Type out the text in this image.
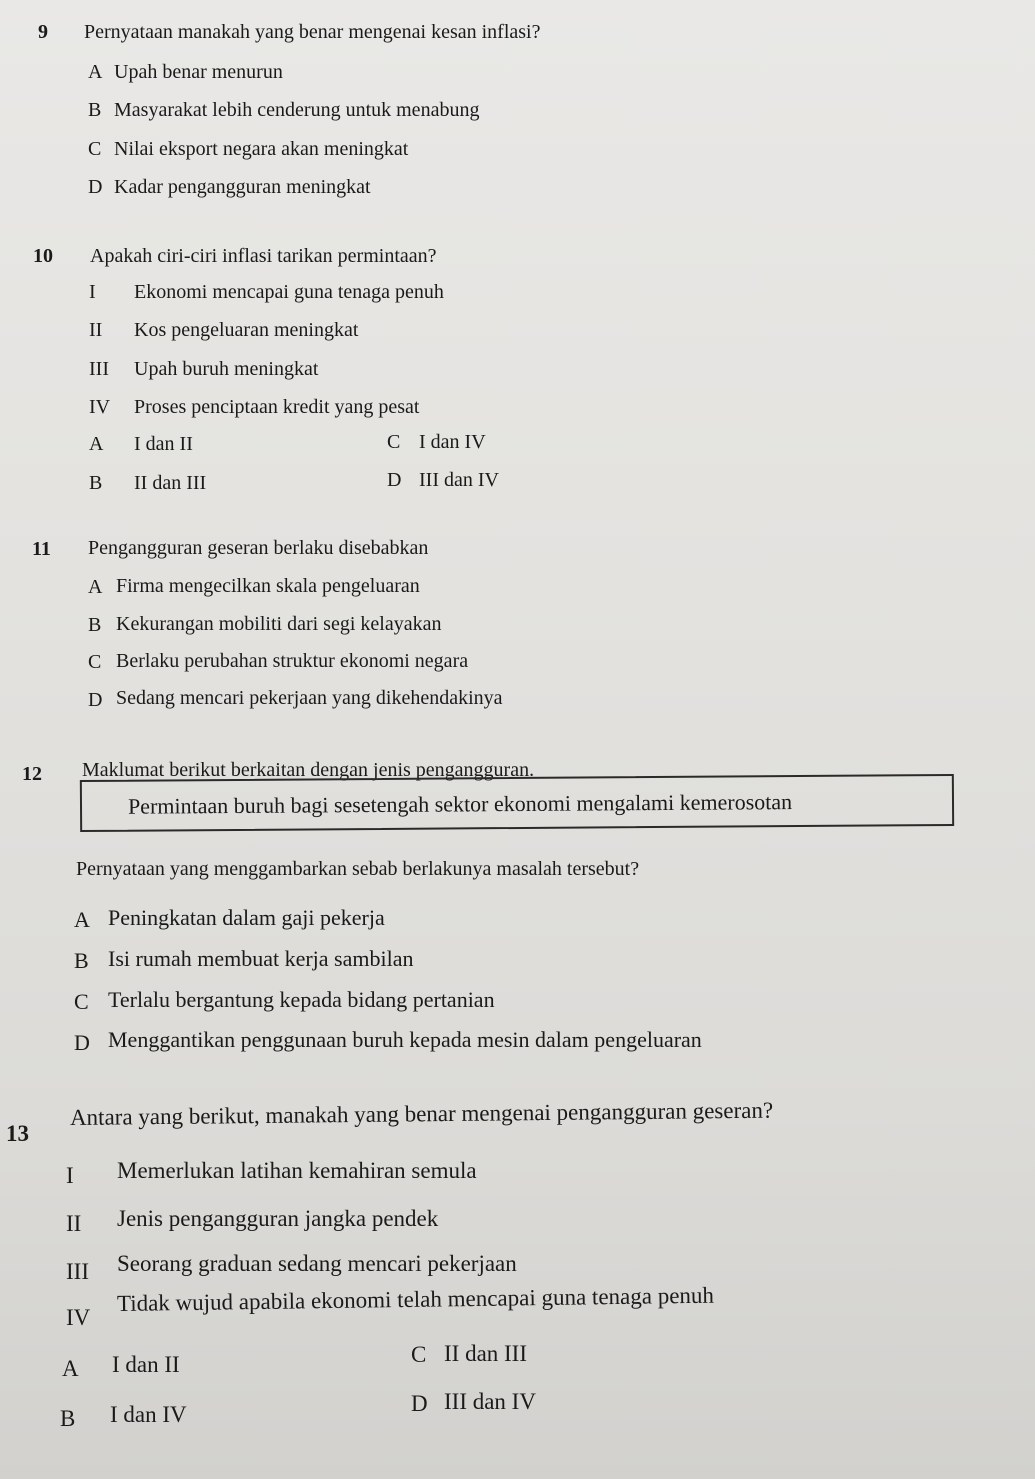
9 Pernyataan manakah yang benar mengenai kesan inflasi?
A Upah benar menurun
B Masyarakat lebih cenderung untuk menabung
C Nilai eksport negara akan meningkat
D Kadar pengangguran meningkat
10 Apakah ciri-ciri inflasi tarikan permintaan?
I Ekonomi mencapai guna tenaga penuh
II Kos pengeluaran meningkat
III Upah buruh meningkat
IV Proses penciptaan kredit yang pesat
A I dan II
B II dan III
C I dan IV
D III dan IV
11 Pengangguran geseran berlaku disebabkan
A Firma mengecilkan skala pengeluaran
B Kekurangan mobiliti dari segi kelayakan
C Berlaku perubahan struktur ekonomi negara
D Sedang mencari pekerjaan yang dikehendakinya
12 Maklumat berikut berkaitan dengan jenis pengangguran.
Permintaan buruh bagi sesetengah sektor ekonomi mengalami kemerosotan
Pernyataan yang menggambarkan sebab berlakunya masalah tersebut?
A Peningkatan dalam gaji pekerja
B Isi rumah membuat kerja sambilan
C Terlalu bergantung kepada bidang pertanian
D Menggantikan penggunaan buruh kepada mesin dalam pengeluaran
13
Antara yang berikut, manakah yang benar mengenai pengangguran geseran?
I Memerlukan latihan kemahiran semula
II Jenis pengangguran jangka pendek
III Seorang graduan sedang mencari pekerjaan
IV
Tidak wujud apabila ekonomi telah mencapai guna tenaga penuh
A I dan II
B I dan IV
C II dan III
D III dan IV
